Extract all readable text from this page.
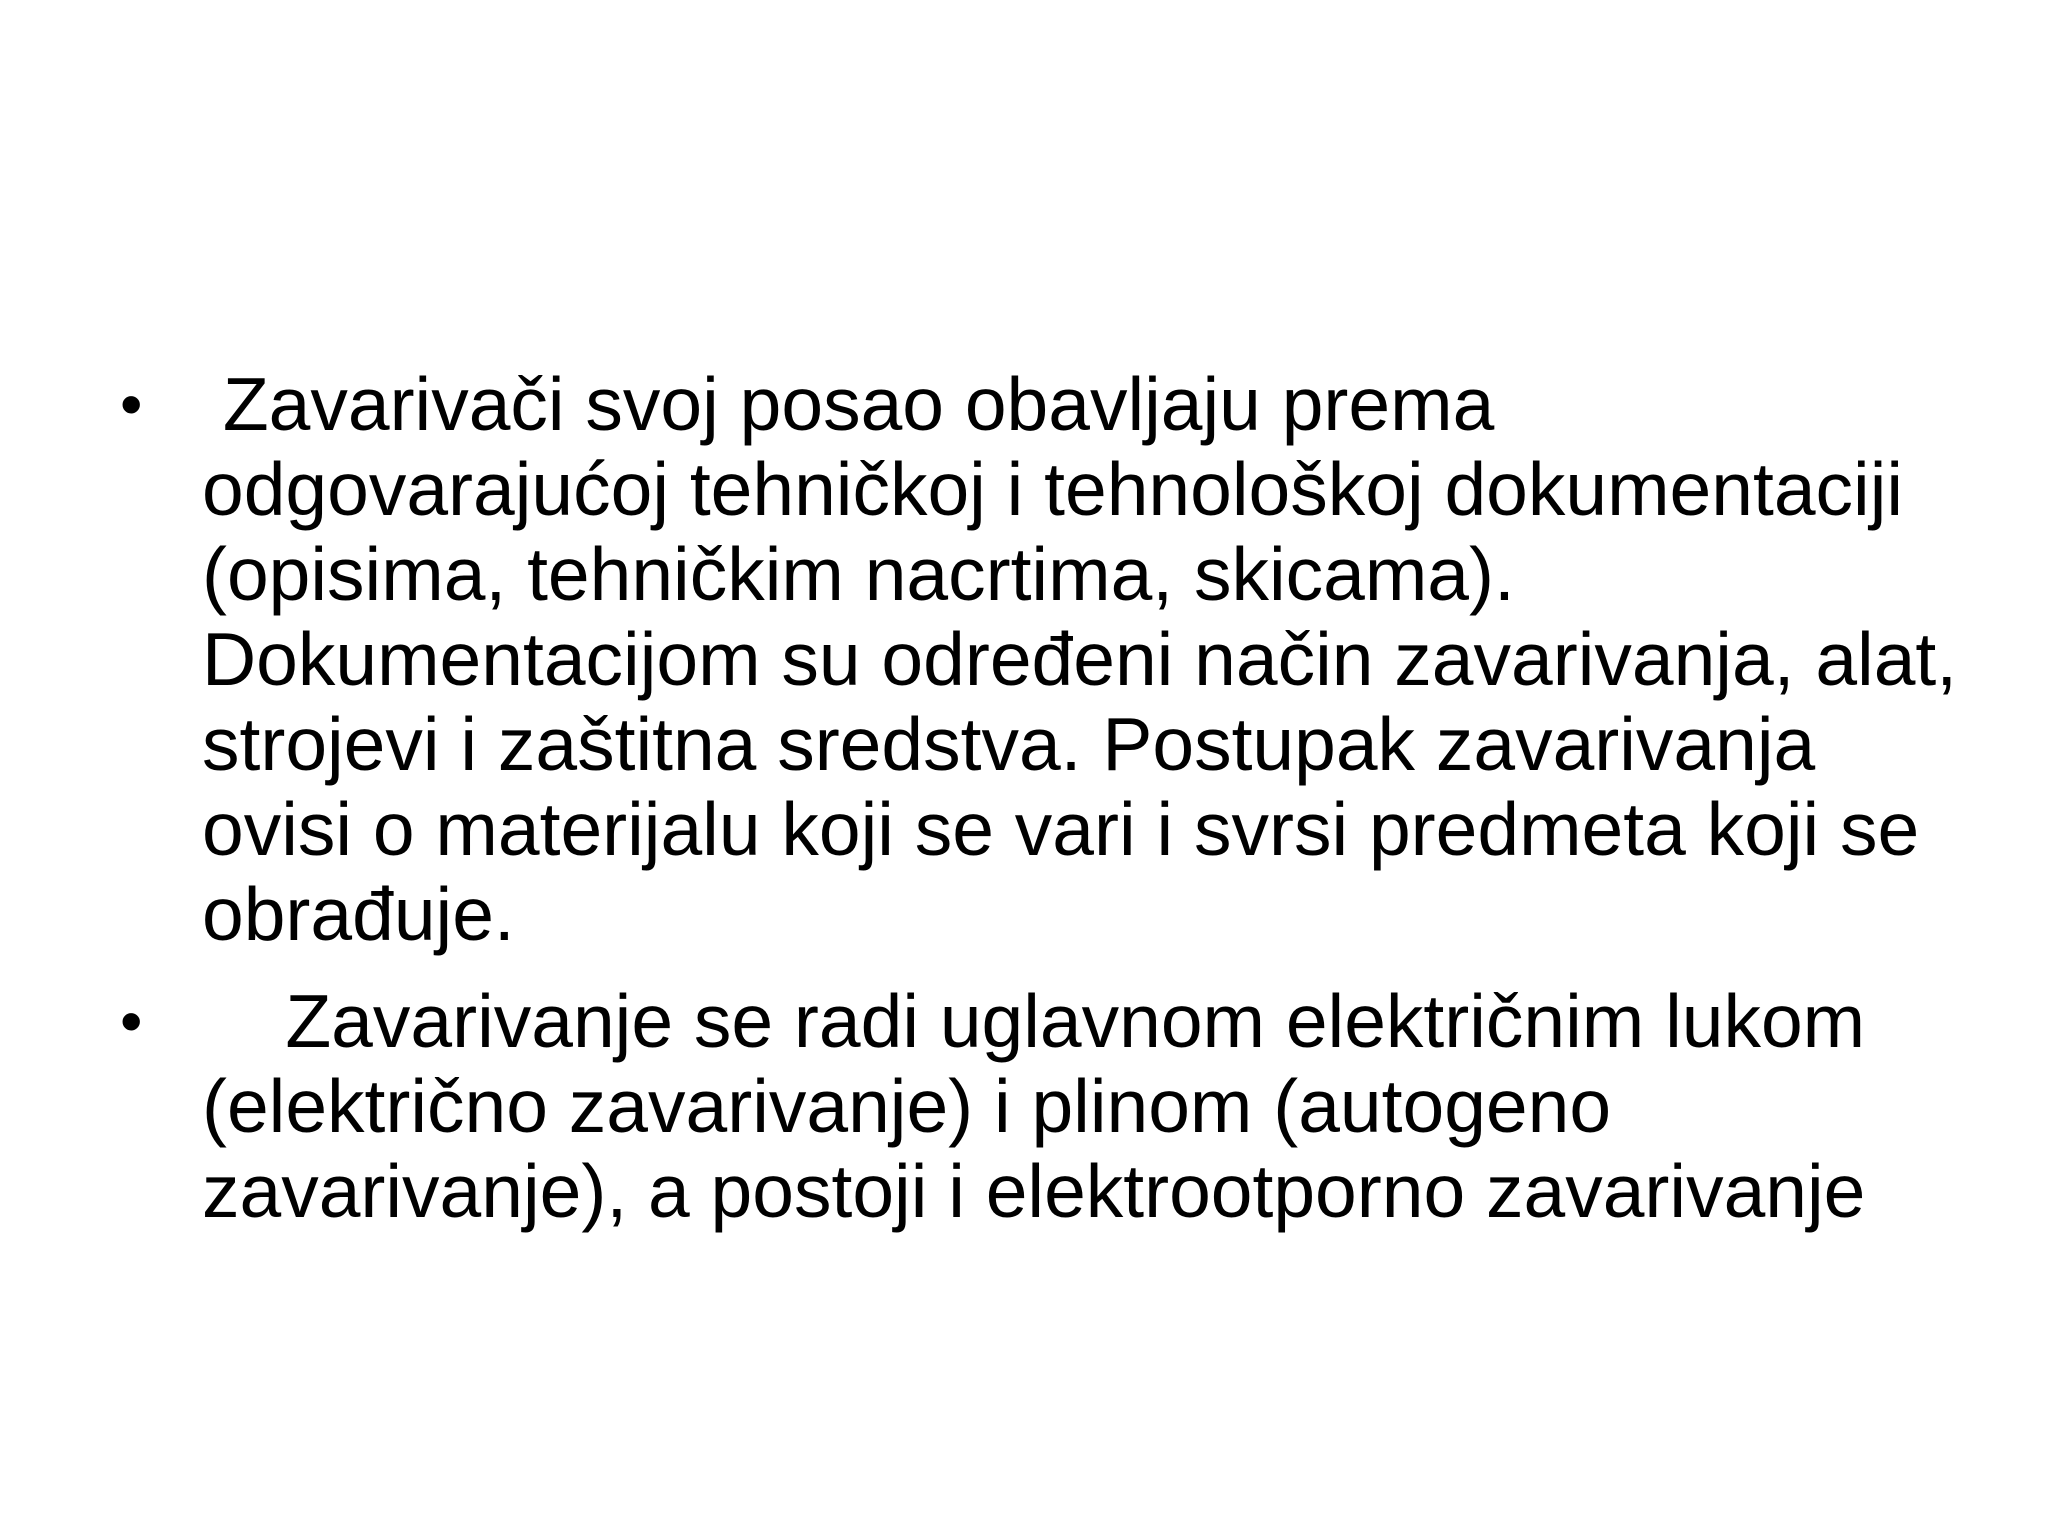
• Zavarivači svoj posao obavljaju prema odgovarajućoj tehničkoj i tehnološkoj dokumentaciji (opisima, tehničkim nacrtima, skicama). Dokumentacijom su određeni način zavarivanja, alat, strojevi i zaštitna sredstva. Postupak zavarivanja ovisi o materijalu koji se vari i svrsi predmeta koji se obrađuje.
• Zavarivanje se radi uglavnom električnim lukom (električno zavarivanje) i plinom (autogeno zavarivanje), a postoji i elektrootporno zavarivanje
